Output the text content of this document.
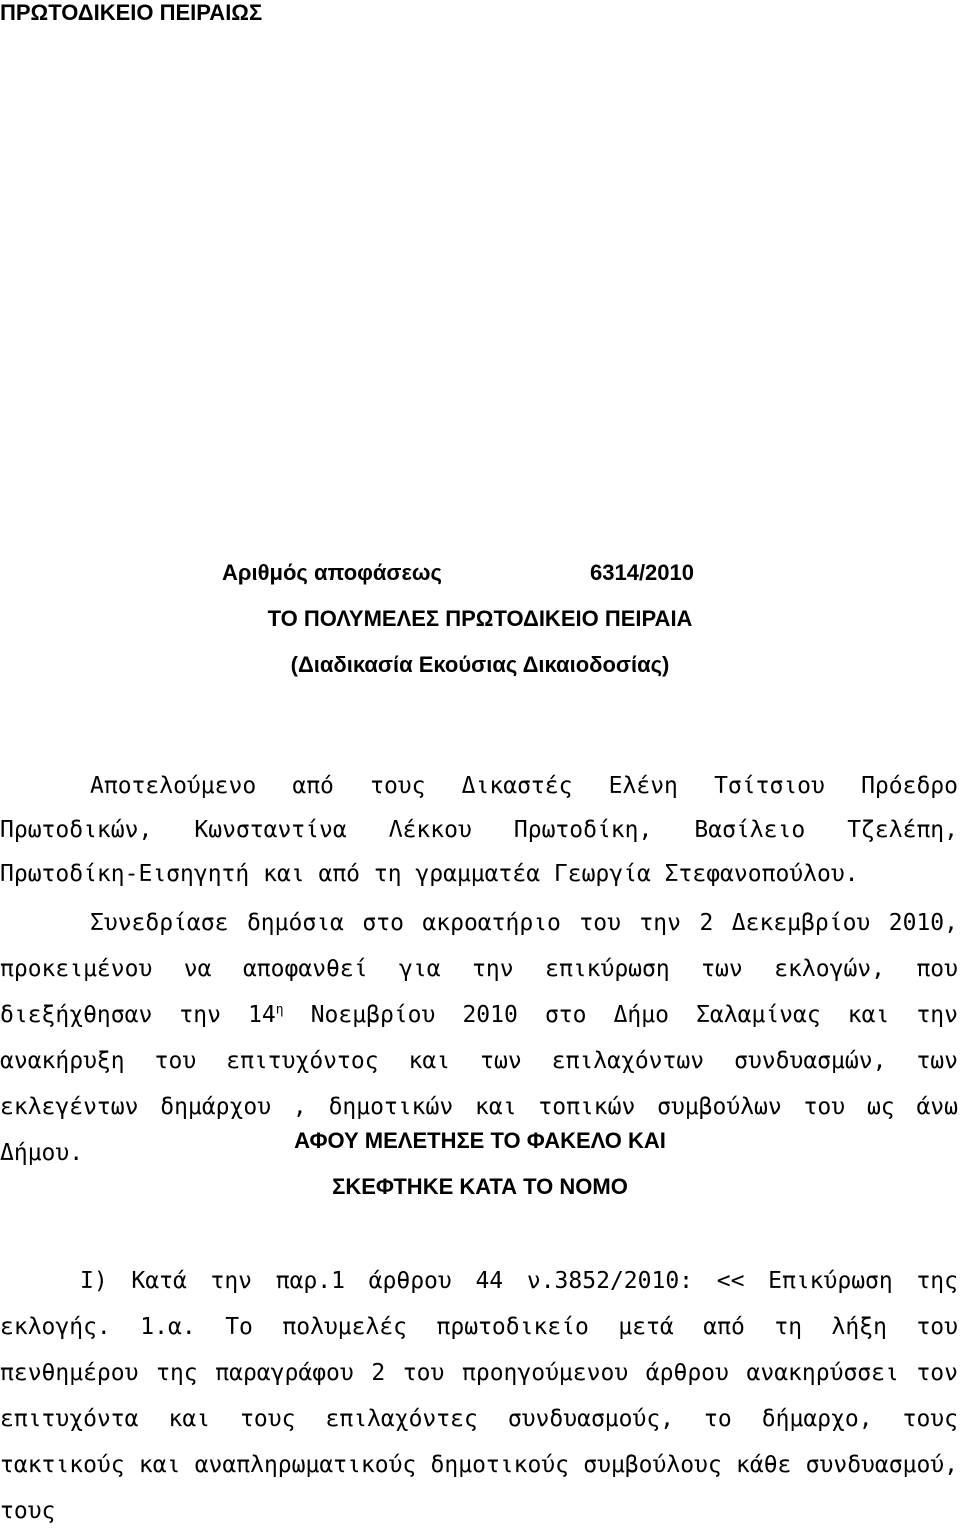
ΠΡΩΤΟΔΙΚΕΙΟ ΠΕΙΡΑΙΩΣ
Αριθμός αποφάσεως	6314/2010
ΤΟ ΠΟΛΥΜΕΛΕΣ ΠΡΩΤΟΔΙΚΕΙΟ ΠΕΙΡΑΙΑ
(Διαδικασία Εκούσιας Δικαιοδοσίας)
Αποτελούμενο από τους Δικαστές Ελένη Τσίτσιου Πρόεδρο Πρωτοδικών, Κωνσταντίνα Λέκκου Πρωτοδίκη, Βασίλειο Τζελέπη, Πρωτοδίκη-Εισηγητή και από τη γραμματέα Γεωργία Στεφανοπούλου.
Συνεδρίασε δημόσια στο ακροατήριο του την 2 Δεκεμβρίου 2010, προκειμένου να αποφανθεί για την επικύρωση των εκλογών, που διεξήχθησαν την $14^\eta$ Νοεμβρίου 2010 στο Δήμο Σαλαμίνας και την ανακήρυξη του επιτυχόντος και των επιλαχόντων συνδυασμών, των εκλεγέντων δημάρχου , δημοτικών και τοπικών συμβούλων του ως άνω Δήμου.	ΑΦΟΥ ΜΕΛΕΤΗΣΕ ΤΟ ΦΑΚΕΛΟ ΚΑΙ
ΣΚΕΦΤΗΚΕ ΚΑΤΑ ΤΟ ΝΟΜΟ
Ι) Κατά την παρ.1 άρθρου 44 ν.3852/2010: << Επικύρωση της εκλογής. 1.α. Το πολυμελές πρωτοδικείο μετά από τη λήξη του πενθημέρου της παραγράφου 2 του προηγούμενου άρθρου ανακηρύσσει τον επιτυχόντα και τους επιλαχόντες συνδυασμούς, το δήμαρχο, τους τακτικούς και αναπληρωματικούς δημοτικούς συμβούλους κάθε συνδυασμού, τους
